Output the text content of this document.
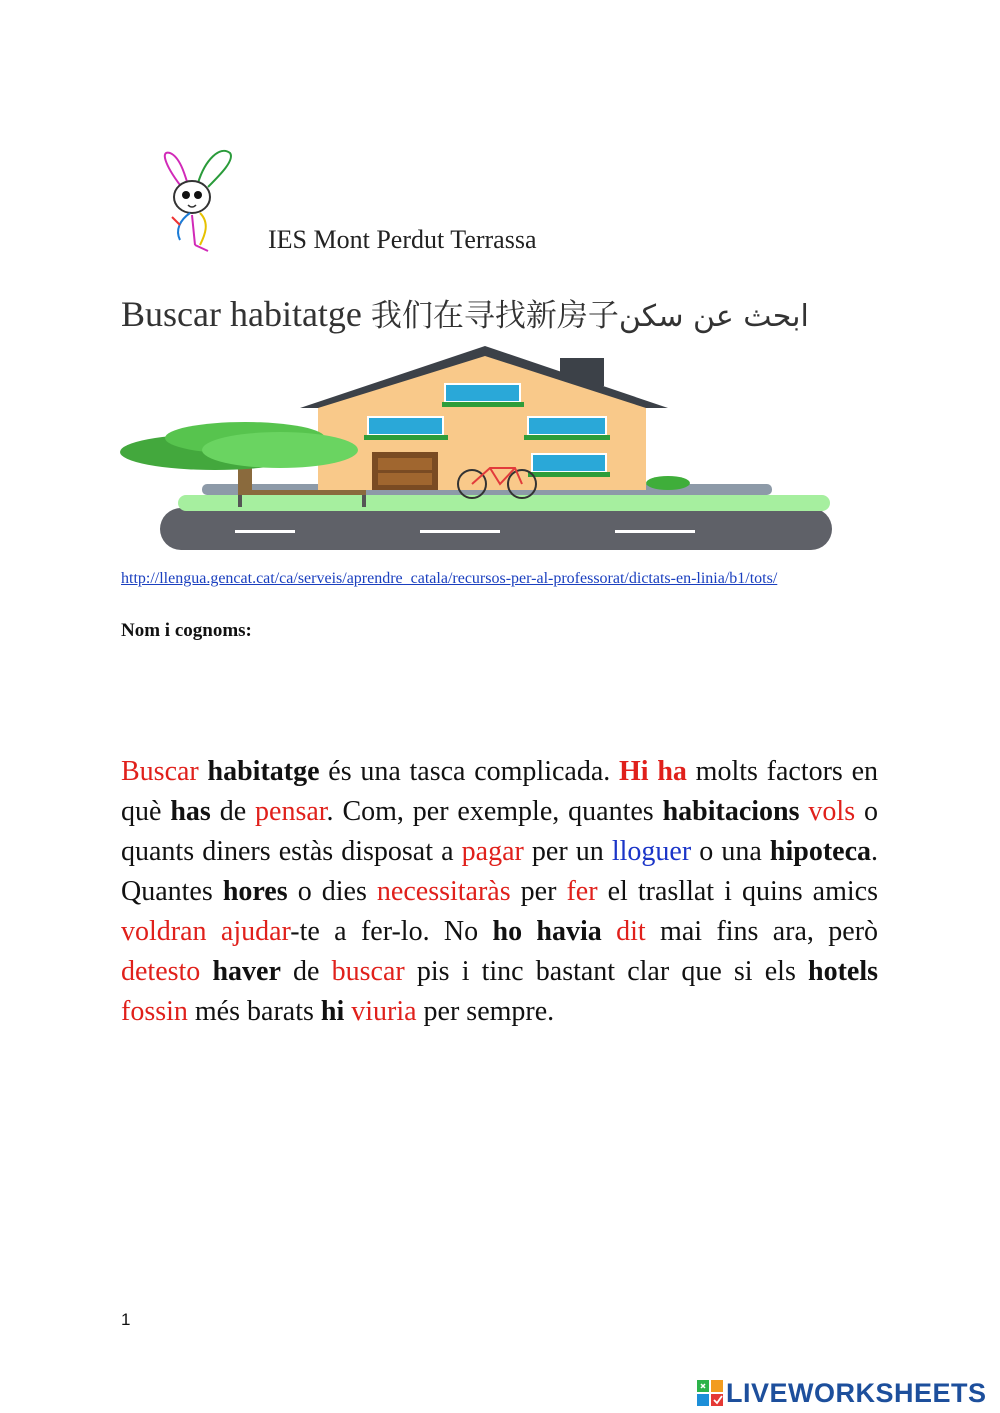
IES Mont Perdut Terrassa
Buscar habitatge 我们在寻找新房子ابحث عن سكن
http://llengua.gencat.cat/ca/serveis/aprendre_catala/recursos-per-al-professorat/dictats-en-linia/b1/tots/
Nom i cognoms:
Buscar habitatge és una tasca complicada. Hi ha molts factors en què has de pensar. Com, per exemple, quantes habitacions vols o quants diners estàs disposat a pagar per un lloguer o una hipoteca. Quantes hores o dies necessitaràs per fer el trasllat i quins amics voldran ajudar-te a fer-lo. No ho havia dit mai fins ara, però detesto haver de buscar pis i tinc bastant clar que si els hotels fossin més barats hi viuria per sempre.
1
LIVEWORKSHEETS
